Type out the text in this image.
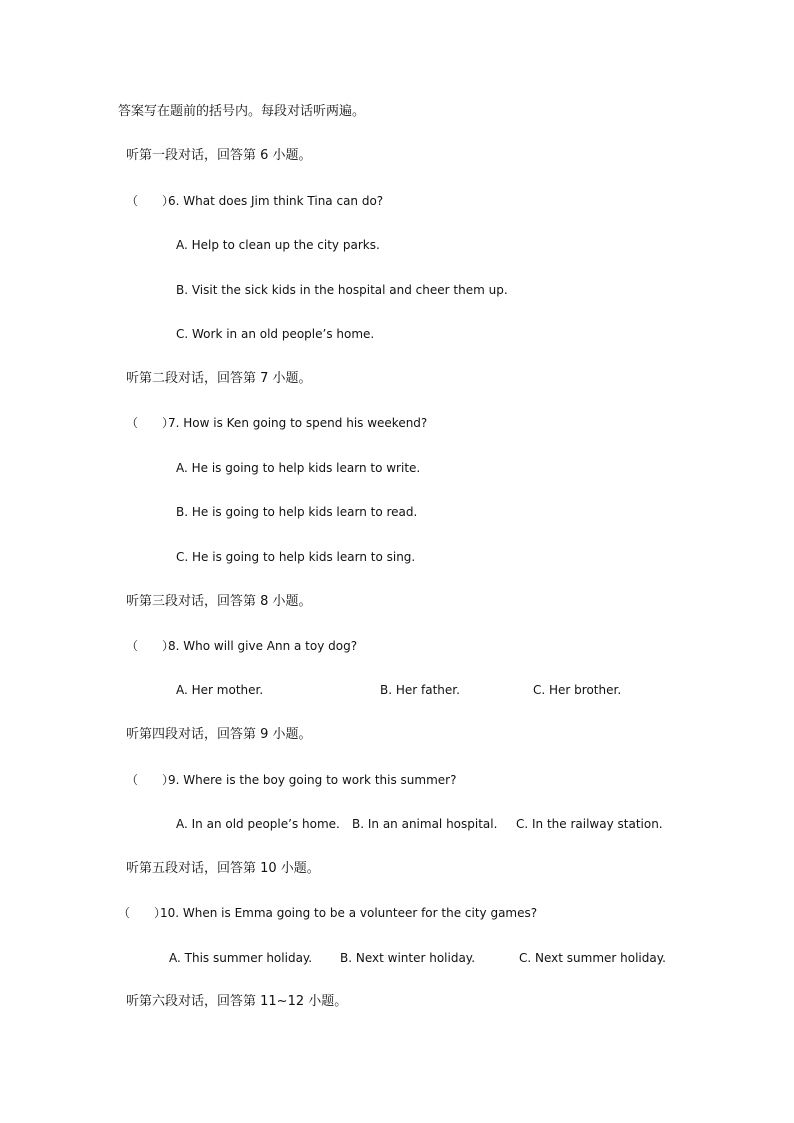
答案写在题前的括号内。每段对话听两遍。
听第一段对话，回答第 6 小题。
（　　）6. What does Jim think Tina can do?
A. Help to clean up the city parks.
B. Visit the sick kids in the hospital and cheer them up.
C. Work in an old people’s home.
听第二段对话，回答第 7 小题。
（　　）7. How is Ken going to spend his weekend?
A. He is going to help kids learn to write.
B. He is going to help kids learn to read.
C. He is going to help kids learn to sing.
听第三段对话，回答第 8 小题。
（　　）8. Who will give Ann a toy dog?
A. Her mother.	B. Her father.	C. Her brother.
听第四段对话，回答第 9 小题。
（　　）9. Where is the boy going to work this summer?
A. In an old people’s home. B. In an animal hospital. C. In the railway station.
听第五段对话，回答第 10 小题。
（　　）10. When is Emma going to be a volunteer for the city games?
A. This summer holiday. B. Next winter holiday.	C. Next summer holiday.
听第六段对话，回答第 11~12 小题。
